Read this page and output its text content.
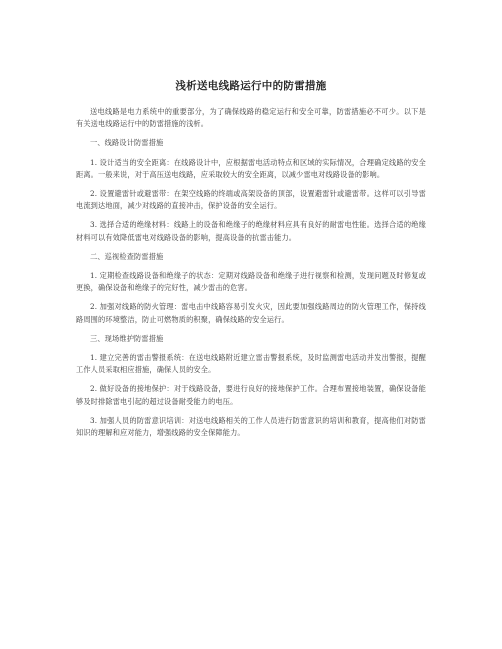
浅析送电线路运行中的防雷措施

送电线路是电力系统中的重要部分，为了确保线路的稳定运行和安全可靠，防雷措施必不可少。以下是有关送电线路运行中的防雷措施的浅析。

一、线路设计防雷措施

1. 设计适当的安全距离：在线路设计中，应根据雷电活动特点和区域的实际情况，合理确定线路的安全距离。一般来说，对于高压送电线路，应采取较大的安全距离，以减少雷电对线路设备的影响。

2. 设置避雷针或避雷带：在架空线路的终端或高架设备的顶部，设置避雷针或避雷带。这样可以引导雷电流到达地面，减少对线路的直接冲击，保护设备的安全运行。

3. 选择合适的绝缘材料：线路上的设备和绝缘子的绝缘材料应具有良好的耐雷电性能。选择合适的绝缘材料可以有效降低雷电对线路设备的影响，提高设备的抗雷击能力。

二、巡视检查防雷措施

1. 定期检查线路设备和绝缘子的状态：定期对线路设备和绝缘子进行视察和检测，发现问题及时修复或更换，确保设备和绝缘子的完好性，减少雷击的危害。

2. 加强对线路的防火管理：雷电击中线路容易引发火灾，因此要加强线路周边的防火管理工作，保持线路周围的环境整洁，防止可燃物质的积聚，确保线路的安全运行。

三、现场维护防雷措施

1. 建立完善的雷击警报系统：在送电线路附近建立雷击警报系统，及时监测雷电活动并发出警报，提醒工作人员采取相应措施，确保人员的安全。

2. 做好设备的接地保护：对于线路设备，要进行良好的接地保护工作。合理布置接地装置，确保设备能够及时排除雷电引起的超过设备耐受能力的电压。

3. 加强人员的防雷意识培训：对送电线路相关的工作人员进行防雷意识的培训和教育，提高他们对防雷知识的理解和应对能力，增强线路的安全保障能力。
